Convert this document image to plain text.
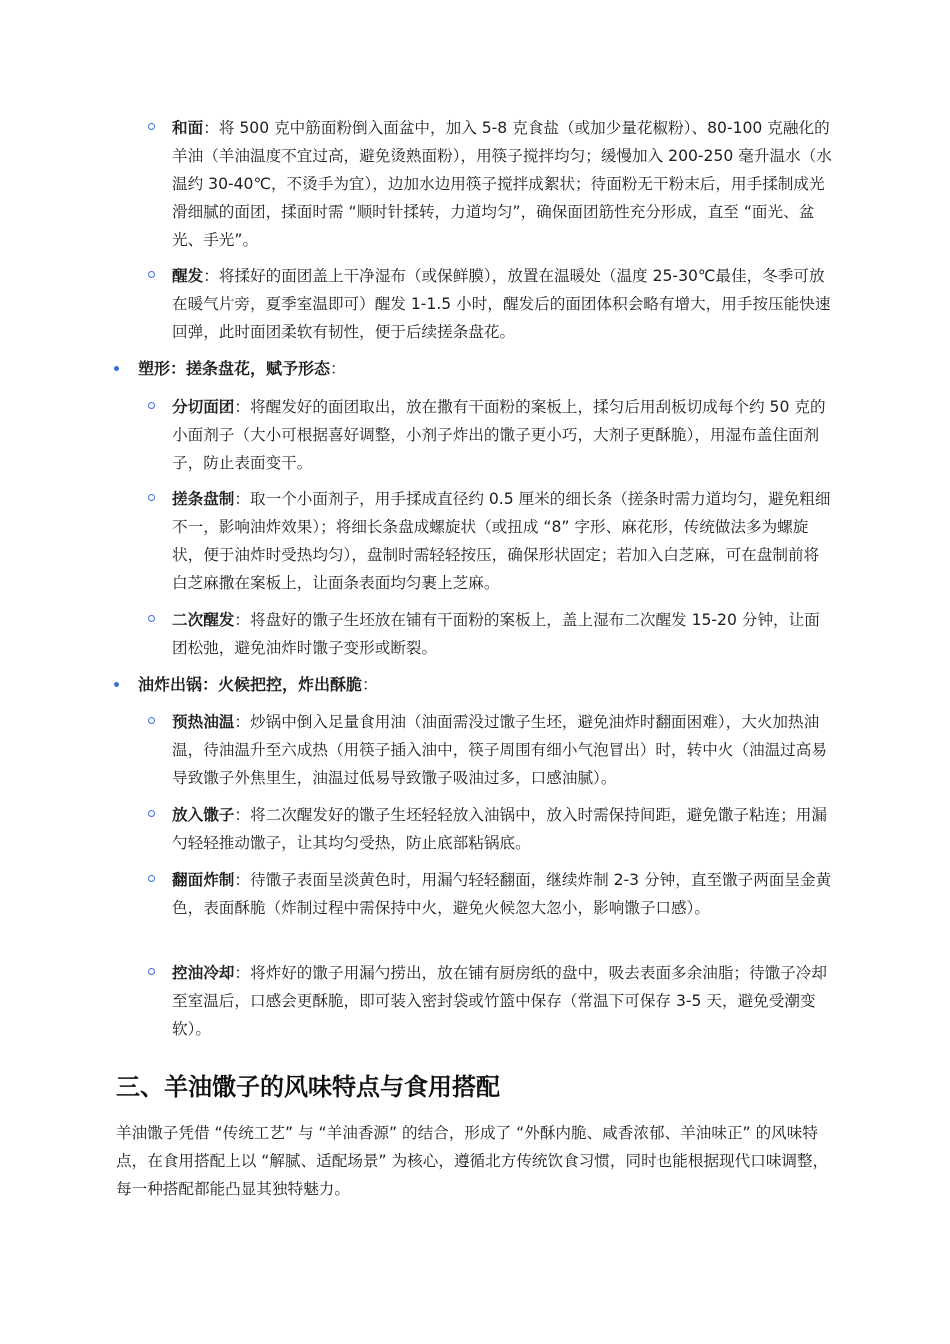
和面：将 500 克中筋面粉倒入面盆中，加入 5-8 克食盐（或加少量花椒粉）、80-100 克融化的羊油（羊油温度不宜过高，避免烫熟面粉），用筷子搅拌均匀；缓慢加入 200-250 毫升温水（水温约 30-40℃，不烫手为宜），边加水边用筷子搅拌成絮状；待面粉无干粉末后，用手揉制成光滑细腻的面团，揉面时需 “顺时针揉转，力道均匀”，确保面团筋性充分形成，直至 “面光、盆光、手光”。
醒发：将揉好的面团盖上干净湿布（或保鲜膜），放置在温暖处（温度 25-30℃最佳，冬季可放在暖气片旁，夏季室温即可）醒发 1-1.5 小时，醒发后的面团体积会略有增大，用手按压能快速回弹，此时面团柔软有韧性，便于后续搓条盘花。
塑形：搓条盘花，赋予形态：
分切面团：将醒发好的面团取出，放在撒有干面粉的案板上，揉匀后用刮板切成每个约 50 克的小面剂子（大小可根据喜好调整，小剂子炸出的馓子更小巧，大剂子更酥脆），用湿布盖住面剂子，防止表面变干。
搓条盘制：取一个小面剂子，用手揉成直径约 0.5 厘米的细长条（搓条时需力道均匀，避免粗细不一，影响油炸效果）；将细长条盘成螺旋状（或扭成 “8” 字形、麻花形，传统做法多为螺旋状，便于油炸时受热均匀），盘制时需轻轻按压，确保形状固定；若加入白芝麻，可在盘制前将白芝麻撒在案板上，让面条表面均匀裹上芝麻。
二次醒发：将盘好的馓子生坯放在铺有干面粉的案板上，盖上湿布二次醒发 15-20 分钟，让面团松弛，避免油炸时馓子变形或断裂。
油炸出锅：火候把控，炸出酥脆：
预热油温：炒锅中倒入足量食用油（油面需没过馓子生坯，避免油炸时翻面困难），大火加热油温，待油温升至六成热（用筷子插入油中，筷子周围有细小气泡冒出）时，转中火（油温过高易导致馓子外焦里生，油温过低易导致馓子吸油过多，口感油腻）。
放入馓子：将二次醒发好的馓子生坯轻轻放入油锅中，放入时需保持间距，避免馓子粘连；用漏勺轻轻推动馓子，让其均匀受热，防止底部粘锅底。
翻面炸制：待馓子表面呈淡黄色时，用漏勺轻轻翻面，继续炸制 2-3 分钟，直至馓子两面呈金黄色，表面酥脆（炸制过程中需保持中火，避免火候忽大忽小，影响馓子口感）。
控油冷却：将炸好的馓子用漏勺捞出，放在铺有厨房纸的盘中，吸去表面多余油脂；待馓子冷却至室温后，口感会更酥脆，即可装入密封袋或竹篮中保存（常温下可保存 3-5 天，避免受潮变软）。
三、羊油馓子的风味特点与食用搭配
羊油馓子凭借 “传统工艺” 与 “羊油香源” 的结合，形成了 “外酥内脆、咸香浓郁、羊油味正” 的风味特点，在食用搭配上以 “解腻、适配场景” 为核心，遵循北方传统饮食习惯，同时也能根据现代口味调整，每一种搭配都能凸显其独特魅力。
